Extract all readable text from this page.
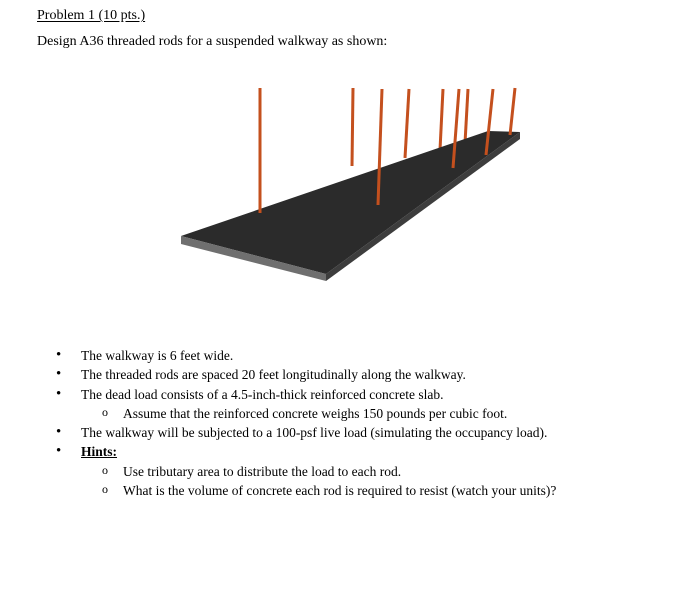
Problem 1 (10 pts.)
Design A36 threaded rods for a suspended walkway as shown:
• The walkway is 6 feet wide.
• The threaded rods are spaced 20 feet longitudinally along the walkway.
• The dead load consists of a 4.5-inch-thick reinforced concrete slab.
o Assume that the reinforced concrete weighs 150 pounds per cubic foot.
• The walkway will be subjected to a 100-psf live load (simulating the occupancy load).
• Hints:
o Use tributary area to distribute the load to each rod.
o What is the volume of concrete each rod is required to resist (watch your units)?
